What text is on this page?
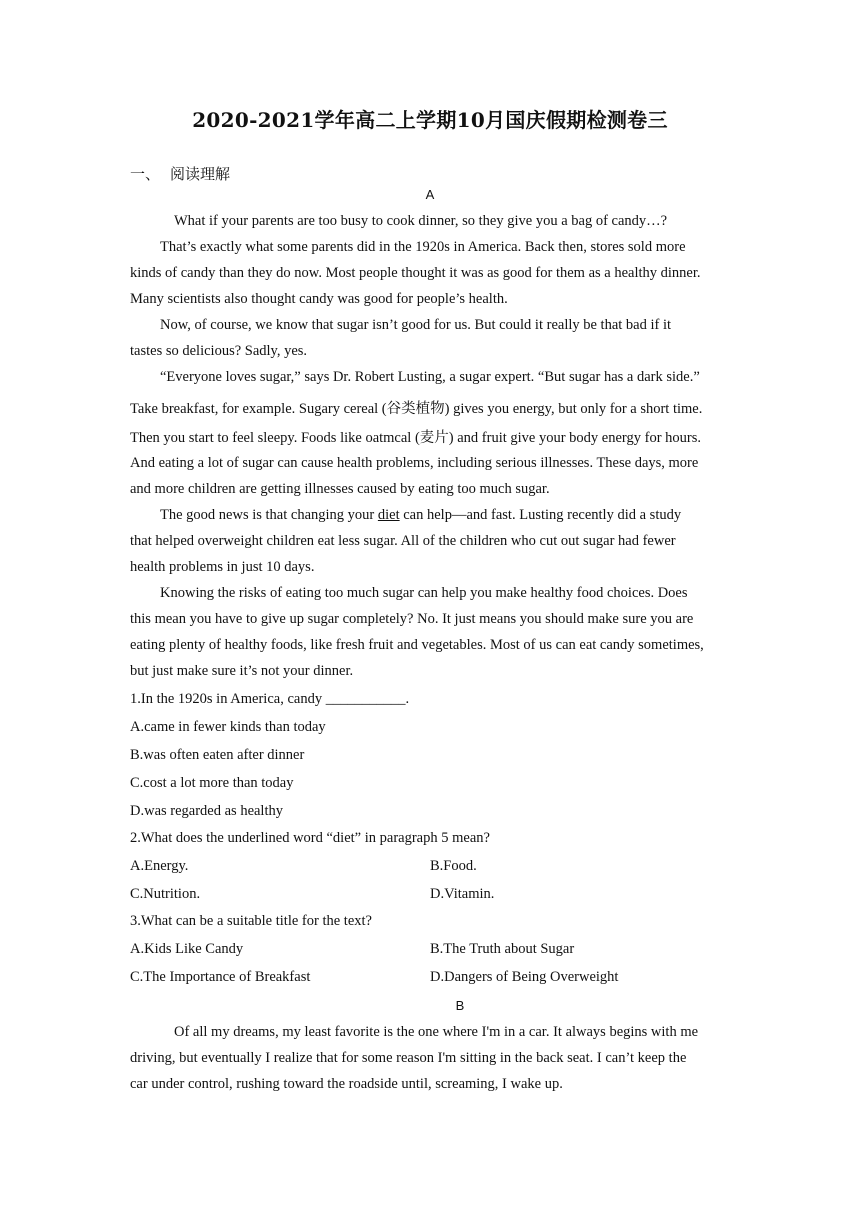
2020-2021学年高二上学期10月国庆假期检测卷三
一、 阅读理解
A
What if your parents are too busy to cook dinner, so they give you a bag of candy…?
That’s exactly what some parents did in the 1920s in America. Back then, stores sold more
kinds of candy than they do now. Most people thought it was as good for them as a healthy dinner.
Many scientists also thought candy was good for people’s health.
Now, of course, we know that sugar isn’t good for us. But could it really be that bad if it
tastes so delicious? Sadly, yes.
“Everyone loves sugar,” says Dr. Robert Lusting, a sugar expert. “But sugar has a dark side.”
Take breakfast, for example. Sugary cereal (谷类植物) gives you energy, but only for a short time.
Then you start to feel sleepy. Foods like oatmcal (麦片) and fruit give your body energy for hours.
And eating a lot of sugar can cause health problems, including serious illnesses. These days, more
and more children are getting illnesses caused by eating too much sugar.
The good news is that changing your diet can help—and fast. Lusting recently did a study
that helped overweight children eat less sugar. All of the children who cut out sugar had fewer
health problems in just 10 days.
Knowing the risks of eating too much sugar can help you make healthy food choices. Does
this mean you have to give up sugar completely? No. It just means you should make sure you are
eating plenty of healthy foods, like fresh fruit and vegetables. Most of us can eat candy sometimes,
but just make sure it’s not your dinner.
1.In the 1920s in America, candy ___________.
A.came in fewer kinds than today
B.was often eaten after dinner
C.cost a lot more than today
D.was regarded as healthy
2.What does the underlined word “diet” in paragraph 5 mean?
A.Energy.	B.Food.
C.Nutrition.	D.Vitamin.
3.What can be a suitable title for the text?
A.Kids Like Candy	B.The Truth about Sugar
C.The Importance of Breakfast	D.Dangers of Being Overweight
B
Of all my dreams, my least favorite is the one where I'm in a car. It always begins with me
driving, but eventually I realize that for some reason I'm sitting in the back seat. I can’t keep the
car under control, rushing toward the roadside until, screaming, I wake up.
